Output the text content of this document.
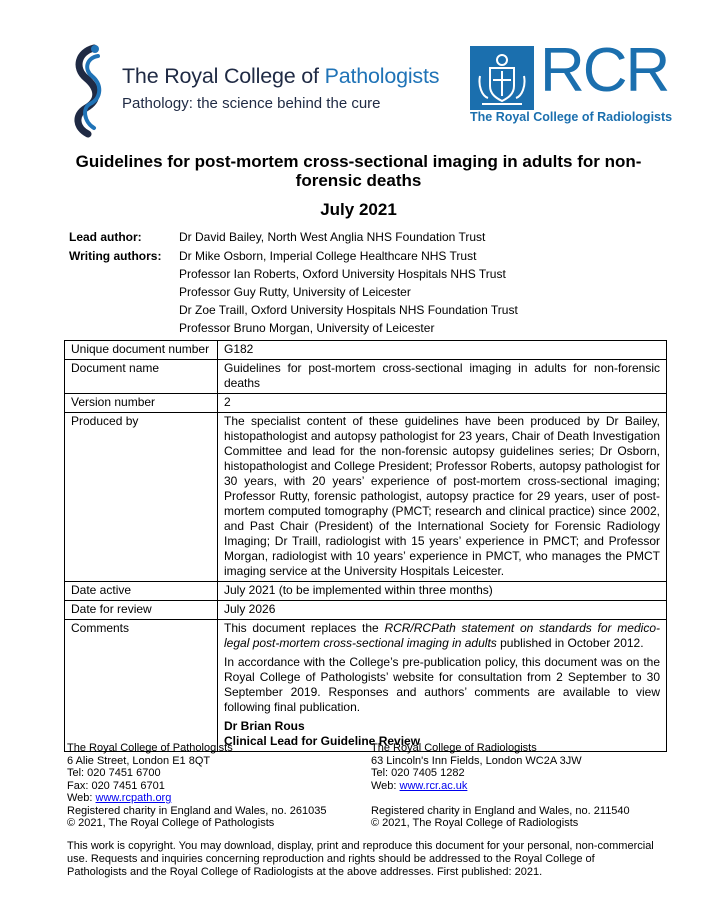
The Royal College of Pathologists
Pathology: the science behind the cure	RCR
The Royal College of Radiologists
Guidelines for post-mortem cross-sectional imaging in adults for non-forensic deaths
July 2021
Lead author:	Dr David Bailey, North West Anglia NHS Foundation Trust
Writing authors: Dr Mike Osborn, Imperial College Healthcare NHS Trust
Professor Ian Roberts, Oxford University Hospitals NHS Trust
Professor Guy Rutty, University of Leicester
Dr Zoe Traill, Oxford University Hospitals NHS Foundation Trust
Professor Bruno Morgan, University of Leicester
Unique document number	G182
Document name	Guidelines for post-mortem cross-sectional imaging in adults for non-forensic deaths
Version number	2
Produced by	The specialist content of these guidelines have been produced by Dr Bailey, histopathologist and autopsy pathologist for 23 years, Chair of Death Investigation Committee and lead for the non-forensic autopsy guidelines series; Dr Osborn, histopathologist and College President; Professor Roberts, autopsy pathologist for 30 years, with 20 years’ experience of post-mortem cross-sectional imaging; Professor Rutty, forensic pathologist, autopsy practice for 29 years, user of post-mortem computed tomography (PMCT; research and clinical practice) since 2002, and Past Chair (President) of the International Society for Forensic Radiology Imaging; Dr Traill, radiologist with 15 years’ experience in PMCT; and Professor Morgan, radiologist with 10 years’ experience in PMCT, who manages the PMCT imaging service at the University Hospitals Leicester.
Date active	July 2021 (to be implemented within three months)
Date for review	July 2026
Comments	This document replaces the RCR/RCPath statement on standards for medico-legal post-mortem cross-sectional imaging in adults published in October 2012.

In accordance with the College’s pre-publication policy, this document was on the Royal College of Pathologists’ website for consultation from 2 September to 30 September 2019. Responses and authors’ comments are available to view following final publication.

Dr Brian Rous
Clinical Lead for Guideline Review

The Royal College of Pathologists
6 Alie Street, London E1 8QT
Tel: 020 7451 6700
Fax: 020 7451 6701
Web: www.rcpath.org
Registered charity in England and Wales, no. 261035
© 2021, The Royal College of Pathologists
The Royal College of Radiologists
63 Lincoln's Inn Fields, London WC2A 3JW
Tel: 020 7405 1282
Web: www.rcr.ac.uk
Registered charity in England and Wales, no. 211540
© 2021, The Royal College of Radiologists
This work is copyright. You may download, display, print and reproduce this document for your personal, non-commercial use. Requests and inquiries concerning reproduction and rights should be addressed to the Royal College of Pathologists and the Royal College of Radiologists at the above addresses. First published: 2021.
